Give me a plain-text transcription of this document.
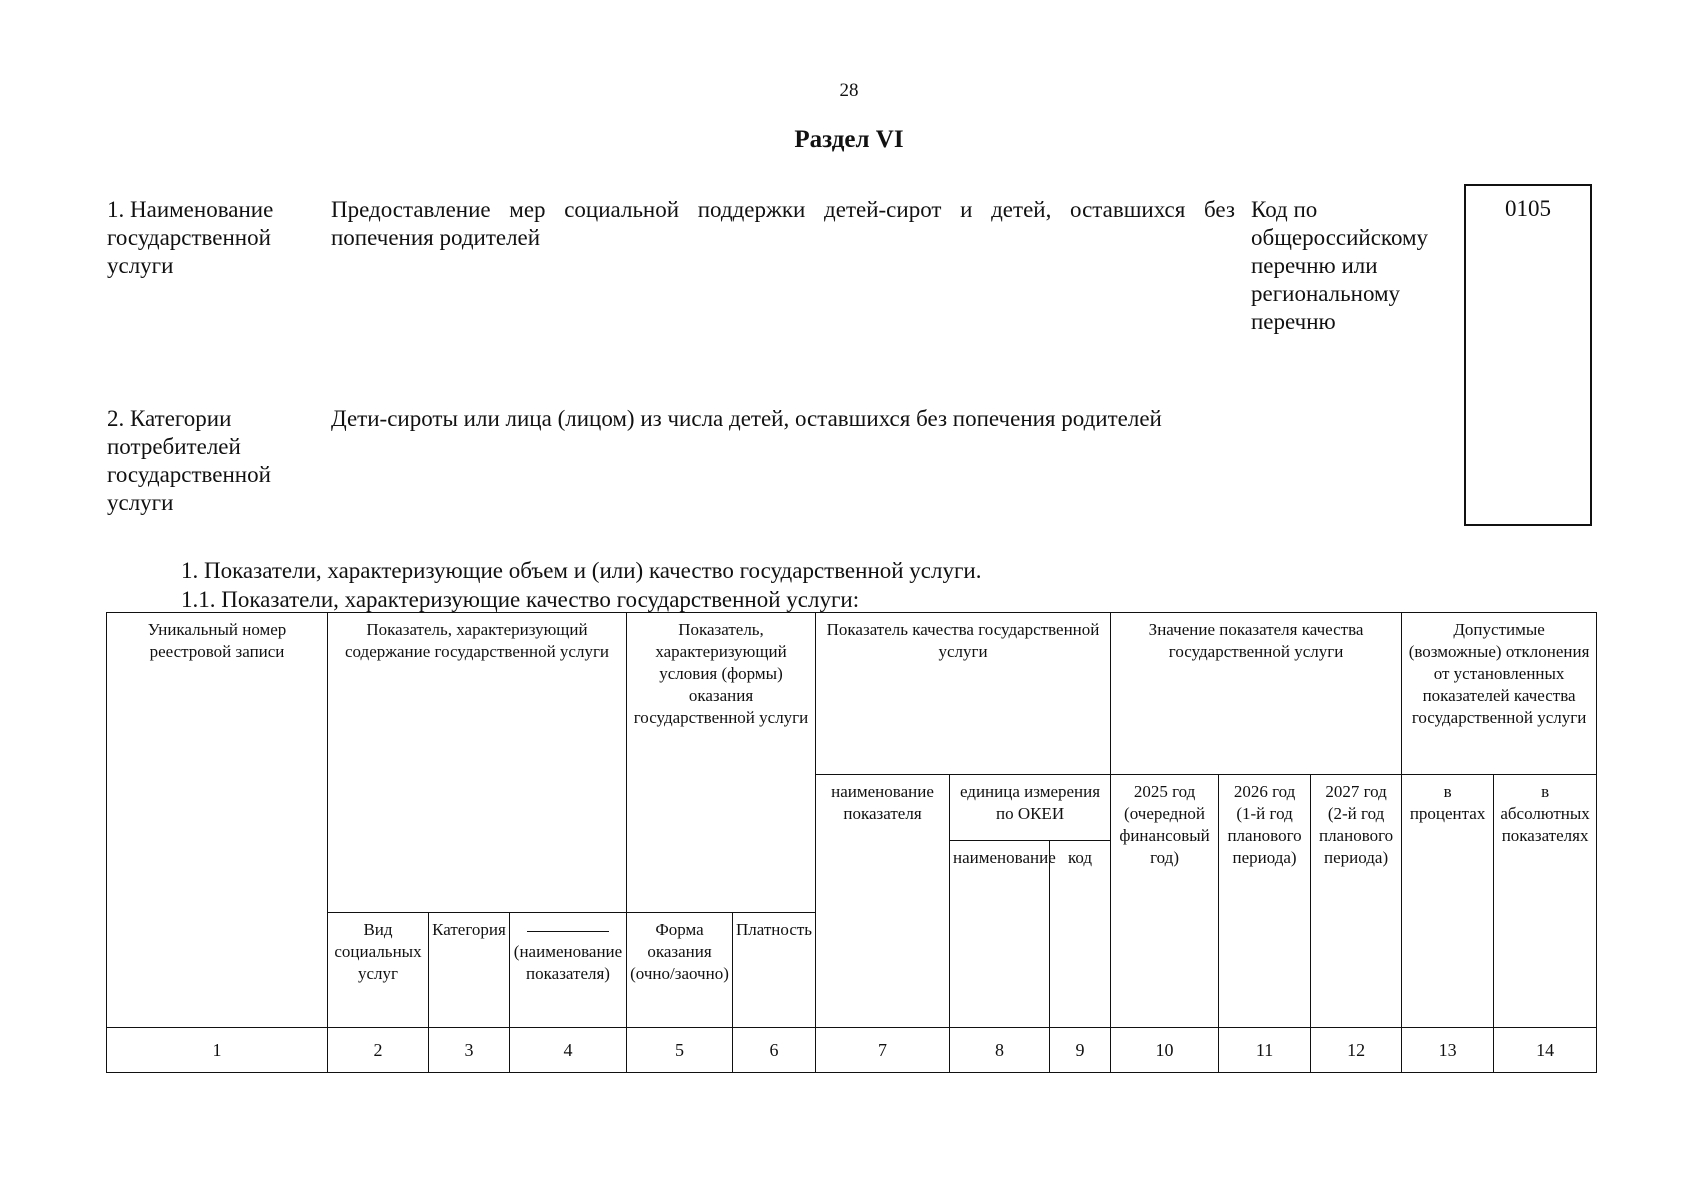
28
Раздел VI
1. Наименование государственной услуги
Предоставление мер социальной поддержки детей-сирот и детей, оставшихся без попечения родителей
Код по общероссийскому перечню или региональному перечню
0105
2. Категории потребителей государственной услуги
Дети-сироты или лица (лицом) из числа детей, оставшихся без попечения родителей
1. Показатели, характеризующие объем и (или) качество государственной услуги.
1.1. Показатели, характеризующие качество государственной услуги:
Уникальный номер реестровой записи	Показатель, характеризующий содержание государственной услуги			Показатель, характеризующий условия (формы) оказания государственной услуги		Показатель качества государственной услуги			Значение показателя качества государственной услуги			Допустимые (возможные) отклонения от установленных показателей качества государственной услуги	
						наименование показателя	единица измерения по ОКЕИ		2025 год (очередной финансовый год)	2026 год (1-й год планового периода)	2027 год (2-й год планового периода)	в процентах	в абсолютных показателях
							наименование	код					
	Вид социальных услуг	Категория	(наименование показателя)	Форма оказания (очно/заочно)	Платность								
1	2	3	4	5	6	7	8	9	10	11	12	13	14
